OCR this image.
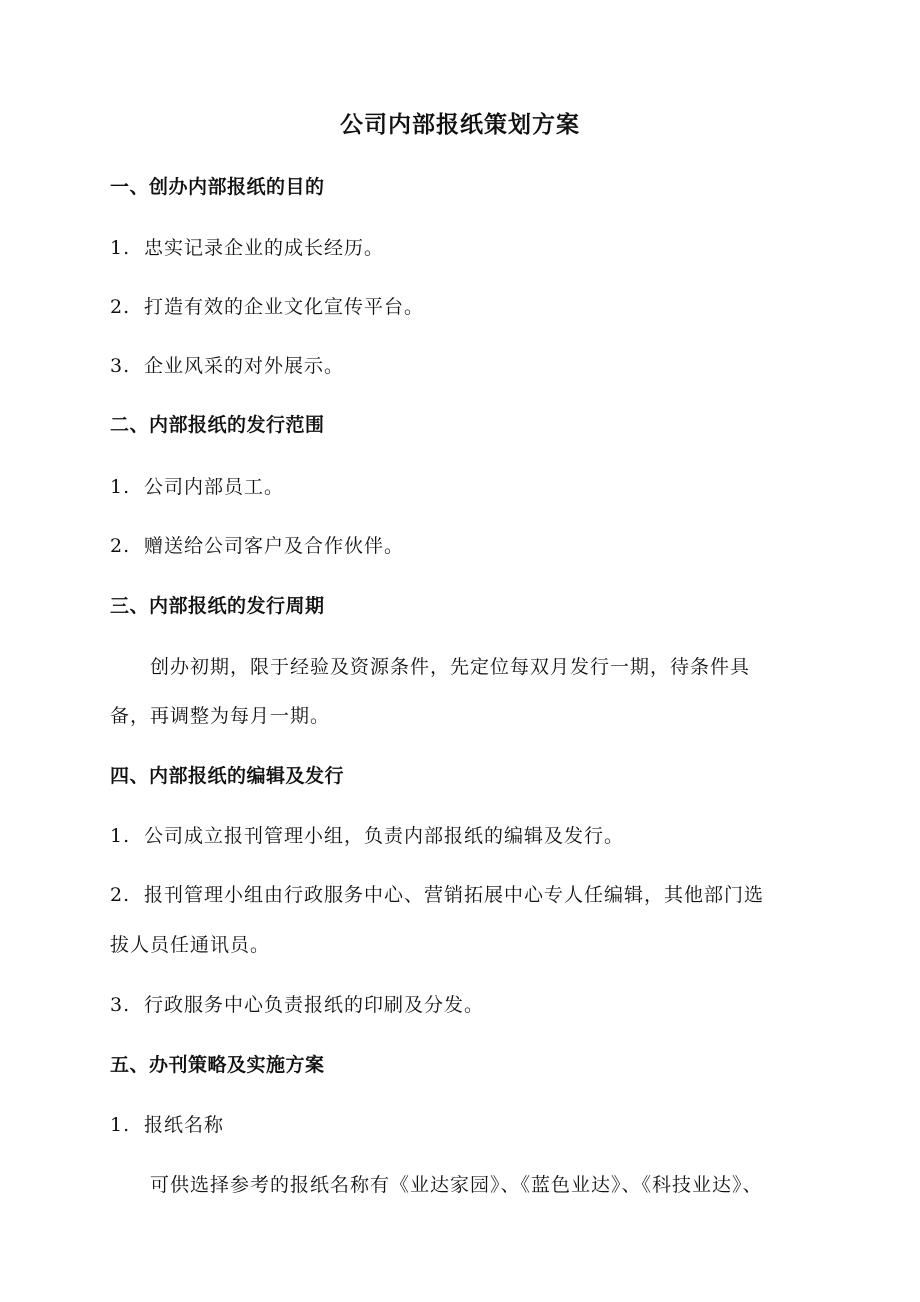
公司内部报纸策划方案
一、创办内部报纸的目的
1. 忠实记录企业的成长经历。
2. 打造有效的企业文化宣传平台。
3. 企业风采的对外展示。
二、内部报纸的发行范围
1. 公司内部员工。
2. 赠送给公司客户及合作伙伴。
三、内部报纸的发行周期
创办初期，限于经验及资源条件，先定位每双月发行一期，待条件具
备，再调整为每月一期。
四、内部报纸的编辑及发行
1. 公司成立报刊管理小组，负责内部报纸的编辑及发行。
2. 报刊管理小组由行政服务中心、营销拓展中心专人任编辑，其他部门选
拔人员任通讯员。
3. 行政服务中心负责报纸的印刷及分发。
五、办刊策略及实施方案
1. 报纸名称
可供选择参考的报纸名称有《业达家园》、《蓝色业达》、《科技业达》、
